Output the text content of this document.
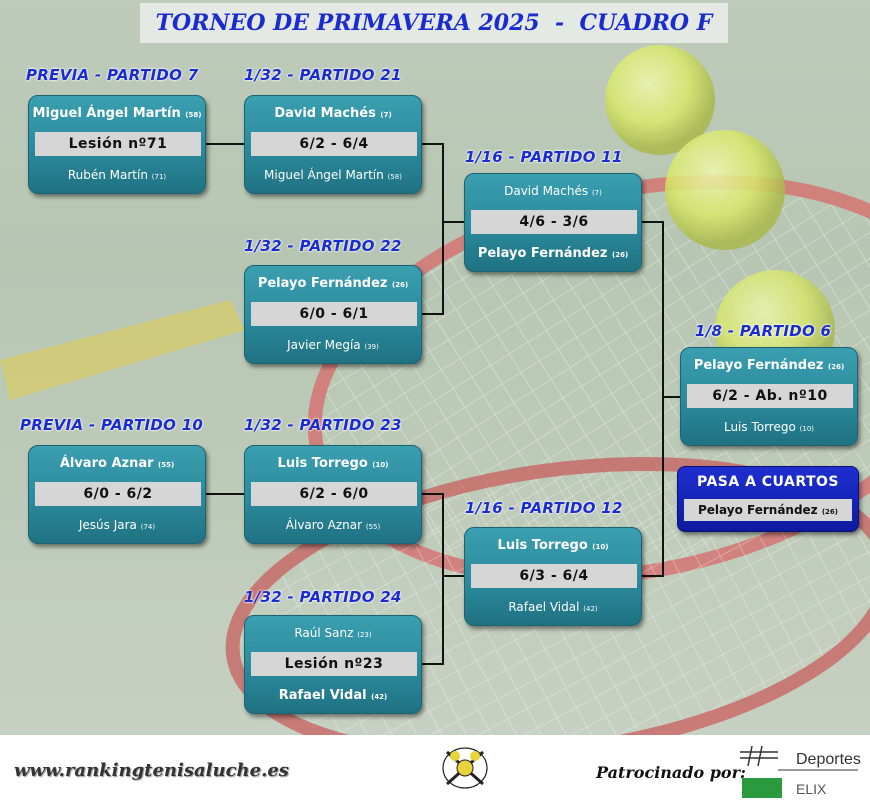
TORNEO DE PRIMAVERA 2025  -  CUADRO F
PREVIA - PARTIDO 7	1/32 - PARTIDO 21
1/16 - PARTIDO 11
1/32 - PARTIDO 22
1/8 - PARTIDO 6
PREVIA - PARTIDO 10	1/32 - PARTIDO 23
1/16 - PARTIDO 12
1/32 - PARTIDO 24
Miguel Ángel Martín (58)
Lesión nº71
Rubén Martín (71)
David Machés (7)
6/2 - 6/4
Miguel Ángel Martín (58)
David Machés (7)
4/6 - 3/6
Pelayo Fernández (26)
Pelayo Fernández (26)
6/0 - 6/1
Javier Megía (39)
Pelayo Fernández (26)
6/2 - Ab. nº10
Luis Torrego (10)
Álvaro Aznar (55)
6/0 - 6/2
Jesús Jara (74)
Luis Torrego (10)
6/2 - 6/0
Álvaro Aznar (55)
Luis Torrego (10)
6/3 - 6/4
Rafael Vidal (42)
Raúl Sanz (23)
Lesión nº23
Rafael Vidal (42)
PASA A CUARTOS
Pelayo Fernández (26)
www.rankingtenisaluche.es
Deportes
ELIX
Patrocinado por:
